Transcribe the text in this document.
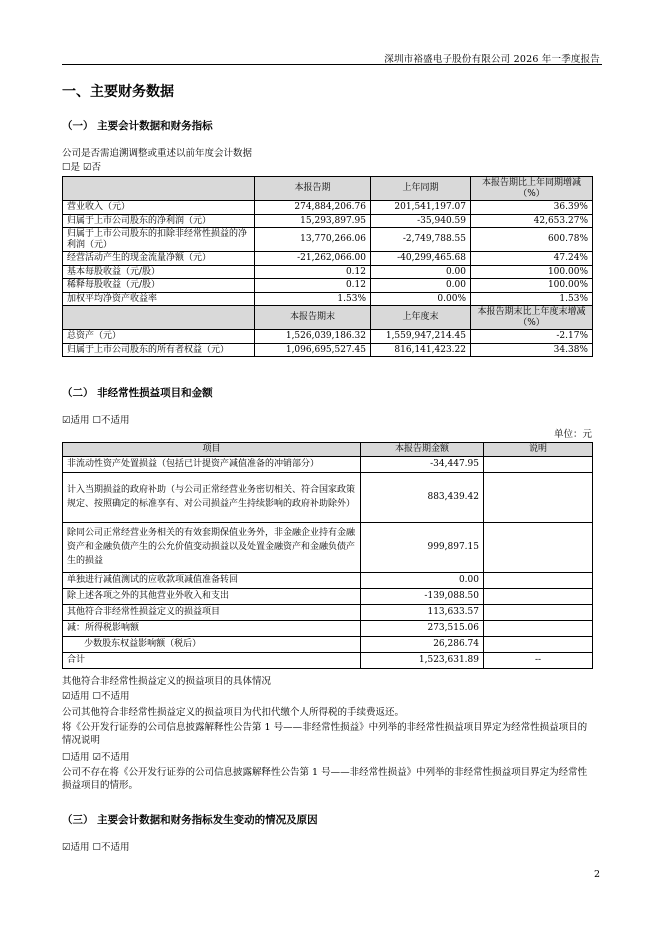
深圳市裕盛电子股份有限公司 2026 年一季度报告
一、主要财务数据
（一） 主要会计数据和财务指标
公司是否需追溯调整或重述以前年度会计数据
☐是 ☑否
	本报告期	上年同期	本报告期比上年同期增减（%）
营业收入（元）	274,884,206.76	201,541,197.07	36.39%
归属于上市公司股东的净利润（元）	15,293,897.95	-35,940.59	42,653.27%
归属于上市公司股东的扣除非经常性损益的净利润（元）	13,770,266.06	-2,749,788.55	600.78%
经营活动产生的现金流量净额（元）	-21,262,066.00	-40,299,465.68	47.24%
基本每股收益（元/股）	0.12	0.00	100.00%
稀释每股收益（元/股）	0.12	0.00	100.00%
加权平均净资产收益率	1.53%	0.00%	1.53%
	本报告期末	上年度末	本报告期末比上年度末增减（%）
总资产（元）	1,526,039,186.32	1,559,947,214.45	-2.17%
归属于上市公司股东的所有者权益（元）	1,096,695,527.45	816,141,423.22	34.38%
（二） 非经常性损益项目和金额
☑适用 ☐不适用
单位：元
项目	本报告期金额	说明
非流动性资产处置损益（包括已计提资产减值准备的冲销部分）	-34,447.95	
计入当期损益的政府补助（与公司正常经营业务密切相关、符合国家政策规定、按照确定的标准享有、对公司损益产生持续影响的政府补助除外）	883,439.42	
除同公司正常经营业务相关的有效套期保值业务外，非金融企业持有金融资产和金融负债产生的公允价值变动损益以及处置金融资产和金融负债产生的损益	999,897.15	
单独进行减值测试的应收款项减值准备转回	0.00	
除上述各项之外的其他营业外收入和支出	-139,088.50	
其他符合非经常性损益定义的损益项目	113,633.57	
减：所得税影响额	273,515.06	
少数股东权益影响额（税后）	26,286.74	
合计	1,523,631.89	--
其他符合非经常性损益定义的损益项目的具体情况
☑适用 ☐不适用
公司其他符合非经常性损益定义的损益项目为代扣代缴个人所得税的手续费返还。
将《公开发行证券的公司信息披露解释性公告第 1 号——非经常性损益》中列举的非经常性损益项目界定为经常性损益项目的情况说明
☐适用 ☑不适用
公司不存在将《公开发行证券的公司信息披露解释性公告第 1 号——非经常性损益》中列举的非经常性损益项目界定为经常性损益项目的情形。
（三） 主要会计数据和财务指标发生变动的情况及原因
☑适用 ☐不适用
2
